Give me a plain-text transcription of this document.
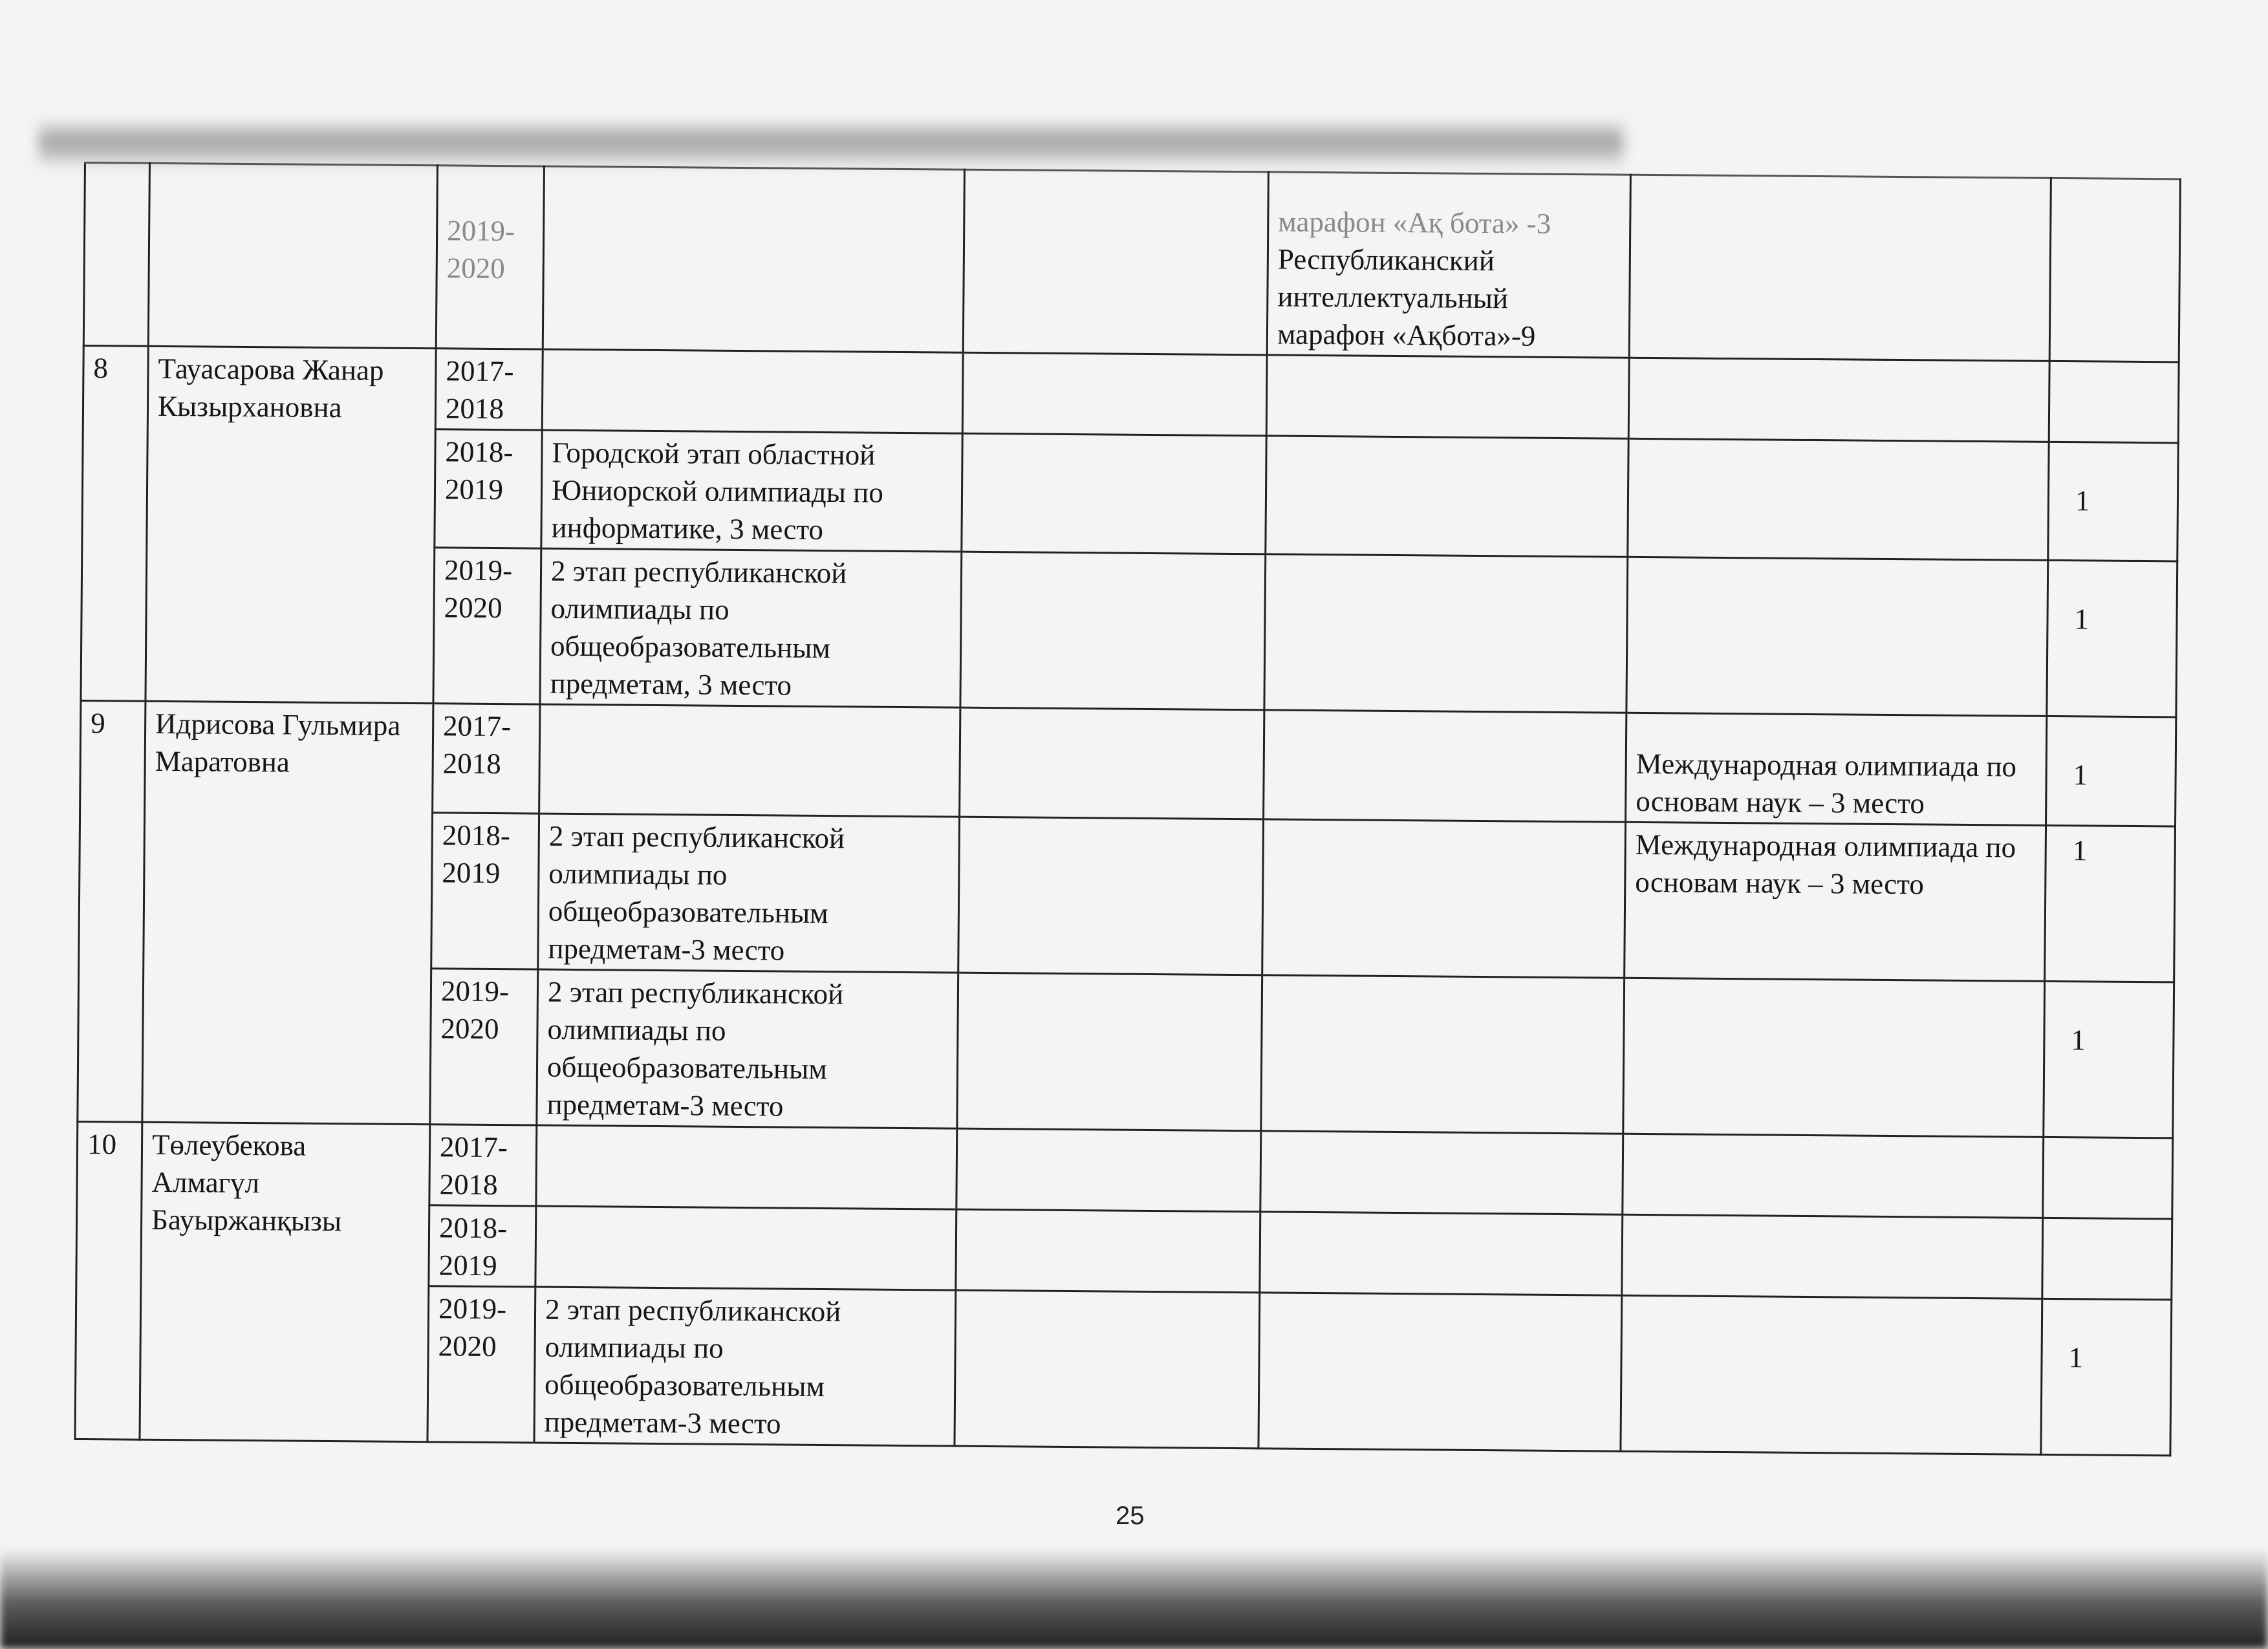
		2019-2020			марафон «Ақ бота» -3
Республиканский интеллектуальный марафон «Ақбота»-9		

8	Тауасарова Жанар Кызырхановна	2017-2018					
		2018-2019	Городской этап областной Юниорской олимпиады по информатике, 3 место				1
		2019-2020	2 этап республиканской олимпиады по общеобразовательным предметам, 3 место				1
9	Идрисова Гульмира Маратовна	2017-2018				Международная олимпиада по основам наук – 3 место	1
		2018-2019	2 этап республиканской олимпиады по общеобразовательным предметам-3 место			Международная олимпиада по основам наук – 3 место	1
		2019-2020	2 этап республиканской олимпиады по общеобразовательным предметам-3 место				1
10	Төлеубекова Алмагүл Бауыржанқызы	2017-2018					
		2018-2019					
		2019-2020	2 этап республиканской олимпиады по общеобразовательным предметам-3 место				1
25
